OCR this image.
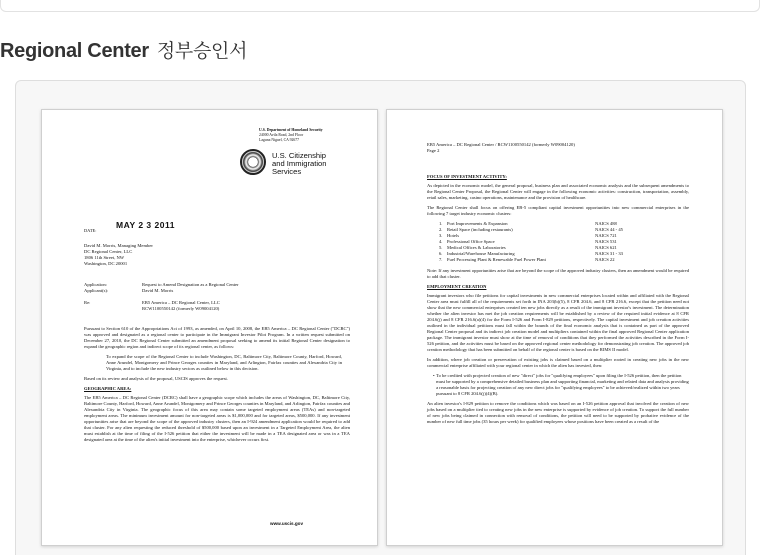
Regional Center 정부승인서
U.S. Department of Homeland Security
24000 Avila Road, 2nd Floor
Laguna Niguel, CA 92677
U.S. Citizenship
and Immigration
Services
DATE:
MAY 2 3 2011
David M. Morris, Managing Member
DC Regional Center, LLC
1806 11th Street, NW
Washington, DC 20001
Application:	Request to Amend Designation as a Regional Center
Applicant(s):	David M. Morris
Re:	EB5 America – DC Regional Center, LLC
RCW1100550142 (formerly W09004120)

Pursuant to Section 610 of the Appropriations Act of 1993, as amended, on April 10, 2008, the EB5 America – DC Regional Center ("DCRC") was approved and designated as a regional center to participate in the Immigrant Investor Pilot Program. In a written request submitted on December 27, 2010, the DC Regional Center submitted an amendment proposal seeking to amend its initial Regional Center designation to expand the geographic region and indirect scope of its regional center, as follows:

To expand the scope of the Regional Center to include Washington, DC, Baltimore City, Baltimore County, Harford, Howard, Anne Arundel, Montgomery and Prince Georges counties in Maryland, and Arlington, Fairfax counties and Alexandria City in Virginia, and to include the new industry sectors as outlined below in this decision.

Based on its review and analysis of the proposal, USCIS approves the request.

GEOGRAPHIC AREA:

The EB5 America – DC Regional Center (DCRC) shall have a geographic scope which includes the areas of Washington, DC, Baltimore City, Baltimore County, Harford, Howard, Anne Arundel, Montgomery and Prince Georges counties in Maryland, and Arlington, Fairfax counties and Alexandria City in Virginia. The geographic focus of this area may contain some targeted employment areas (TEAs) and non-targeted employment areas. The minimum investment amount for non-targeted areas is $1,000,000 and for targeted areas, $500,000. If any investment opportunities arise that are beyond the scope of the approved industry clusters, then an I-924 amendment application would be required to add that cluster. For any alien requesting the reduced threshold of $500,000 based upon an investment in a Targeted Employment Area, the alien must establish at the time of filing of the I-526 petition that either the investment will be made in a TEA designated area or was in a TEA designated area at the time of the alien's initial investment into the enterprise, whichever occurs first.

www.uscis.gov
EB5 America – DC Regional Center / RCW1100550142 (formerly W09004120)
Page 2

FOCUS OF INVESTMENT ACTIVITY:

As depicted in the economic model, the general proposal, business plan and associated economic analysis and the subsequent amendments to the Regional Center Proposal, the Regional Center will engage in the following economic activities: construction, transportation, assembly, retail sales, marketing, casino operations, maintenance and the provision of healthcare.

The Regional Center shall focus on offering EB-5 compliant capital investment opportunities into new commercial enterprises in the following 7 target industry economic clusters:

1. Port Improvements & Expansion	NAICS 488
2. Retail Space (including restaurants)	NAICS 44 - 45
3. Hotels	NAICS 721
4. Professional Office Space	NAICS 531
5. Medical Offices & Laboratories	NAICS 621
6. Industrial/Warehouse Manufacturing	NAICS 31 - 33
7. Fuel Processing Plant & Renewable Fuel Power Plant	NAICS 22

Note: If any investment opportunities arise that are beyond the scope of the approved industry clusters, then an amendment would be required to add that cluster.

EMPLOYMENT CREATION

Immigrant investors who file petitions for capital investments in new commercial enterprises located within and affiliated with the Regional Center area must fulfill all of the requirements set forth in INA 203(b)(5), 8 CFR 204.6, and 8 CFR 216.6, except that the petition need not show that the new commercial enterprises created ten new jobs directly as a result of the immigrant investor's investment. The determination whether the alien investor has met the job creation requirements will be established by a review of the required initial evidence at 8 CFR 204.6(j) and 8 CFR 216.6(a)(4) for the Form I-526 and Form I-829 petitions, respectively. The capital investment and job creation activities outlined in the individual petitions must fall within the bounds of the final economic analysis that is contained as part of the approved Regional Center proposal and its indirect job creation model and multipliers contained within the final approved Regional Center application package. The immigrant investor must show at the time of removal of conditions that they performed the activities described in the Form I-526 petition, and the activities must be based on the approved regional center methodology for demonstrating job creation. The approved job creation methodology that has been submitted on behalf of the regional center is based on the RIMS II model.

In addition, where job creation or preservation of existing jobs is claimed based on a multiplier rooted in creating new jobs in the new commercial enterprise affiliated with your regional center in which the alien has invested, then:

• To be credited with projected creation of new "direct" jobs for "qualifying employees" upon filing the I-526 petition, then the petition must be supported by a comprehensive detailed business plan and supporting financial, marketing and related data and analysis providing a reasonable basis for projecting creation of any new direct jobs for "qualifying employees" to be achieved/realized within two years pursuant to 8 CFR 204.6(j)(4)(B).

An alien investor's I-829 petition to remove the conditions which was based on an I-526 petition approval that involved the creation of new jobs based on a multiplier tied to creating new jobs in the new enterprise is supported by evidence of job creation. To support the full number of new jobs being claimed in connection with removal of conditions, the petition will need to be supported by probative evidence of the number of new full time jobs (35 hours per week) for qualified employees whose positions have been created as a result of the
